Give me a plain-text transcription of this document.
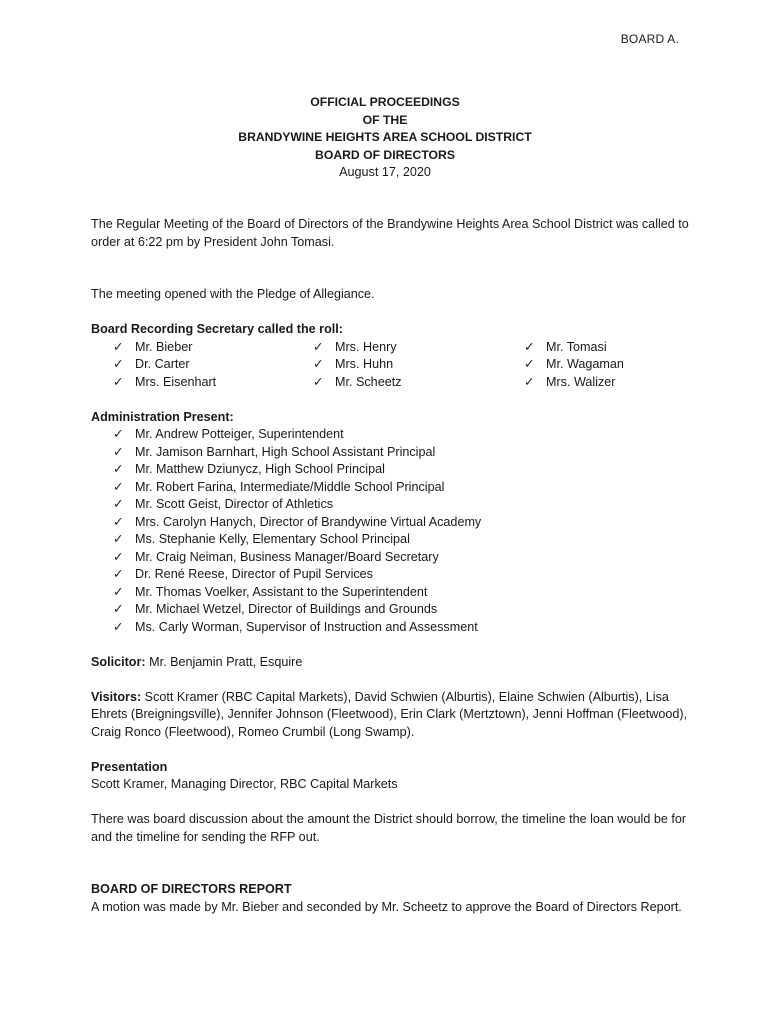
BOARD A.
OFFICIAL PROCEEDINGS
OF THE
BRANDYWINE HEIGHTS AREA SCHOOL DISTRICT
BOARD OF DIRECTORS
August 17, 2020

The Regular Meeting of the Board of Directors of the Brandywine Heights Area School District was called to order at 6:22 pm by President John Tomasi.

The meeting opened with the Pledge of Allegiance.

Board Recording Secretary called the roll:
✓ Mr. Bieber
✓ Dr. Carter
✓ Mrs. Eisenhart
✓ Mrs. Henry
✓ Mrs. Huhn
✓ Mr. Scheetz
✓ Mr. Tomasi
✓ Mr. Wagaman
✓ Mrs. Walizer
Administration Present:
✓ Mr. Andrew Potteiger, Superintendent
✓ Mr. Jamison Barnhart, High School Assistant Principal
✓ Mr. Matthew Dziunycz, High School Principal
✓ Mr. Robert Farina, Intermediate/Middle School Principal
✓ Mr. Scott Geist, Director of Athletics
✓ Mrs. Carolyn Hanych, Director of Brandywine Virtual Academy
✓ Ms. Stephanie Kelly, Elementary School Principal
✓ Mr. Craig Neiman, Business Manager/Board Secretary
✓ Dr. René Reese, Director of Pupil Services
✓ Mr. Thomas Voelker, Assistant to the Superintendent
✓ Mr. Michael Wetzel, Director of Buildings and Grounds
✓ Ms. Carly Worman, Supervisor of Instruction and Assessment

Solicitor: Mr. Benjamin Pratt, Esquire

Visitors: Scott Kramer (RBC Capital Markets), David Schwien (Alburtis), Elaine Schwien (Alburtis), Lisa Ehrets (Breigningsville), Jennifer Johnson (Fleetwood), Erin Clark (Mertztown), Jenni Hoffman (Fleetwood), Craig Ronco (Fleetwood), Romeo Crumbil (Long Swamp).

Presentation

Scott Kramer, Managing Director, RBC Capital Markets

There was board discussion about the amount the District should borrow, the timeline the loan would be for and the timeline for sending the RFP out.

BOARD OF DIRECTORS REPORT

A motion was made by Mr. Bieber and seconded by Mr. Scheetz to approve the Board of Directors Report.
